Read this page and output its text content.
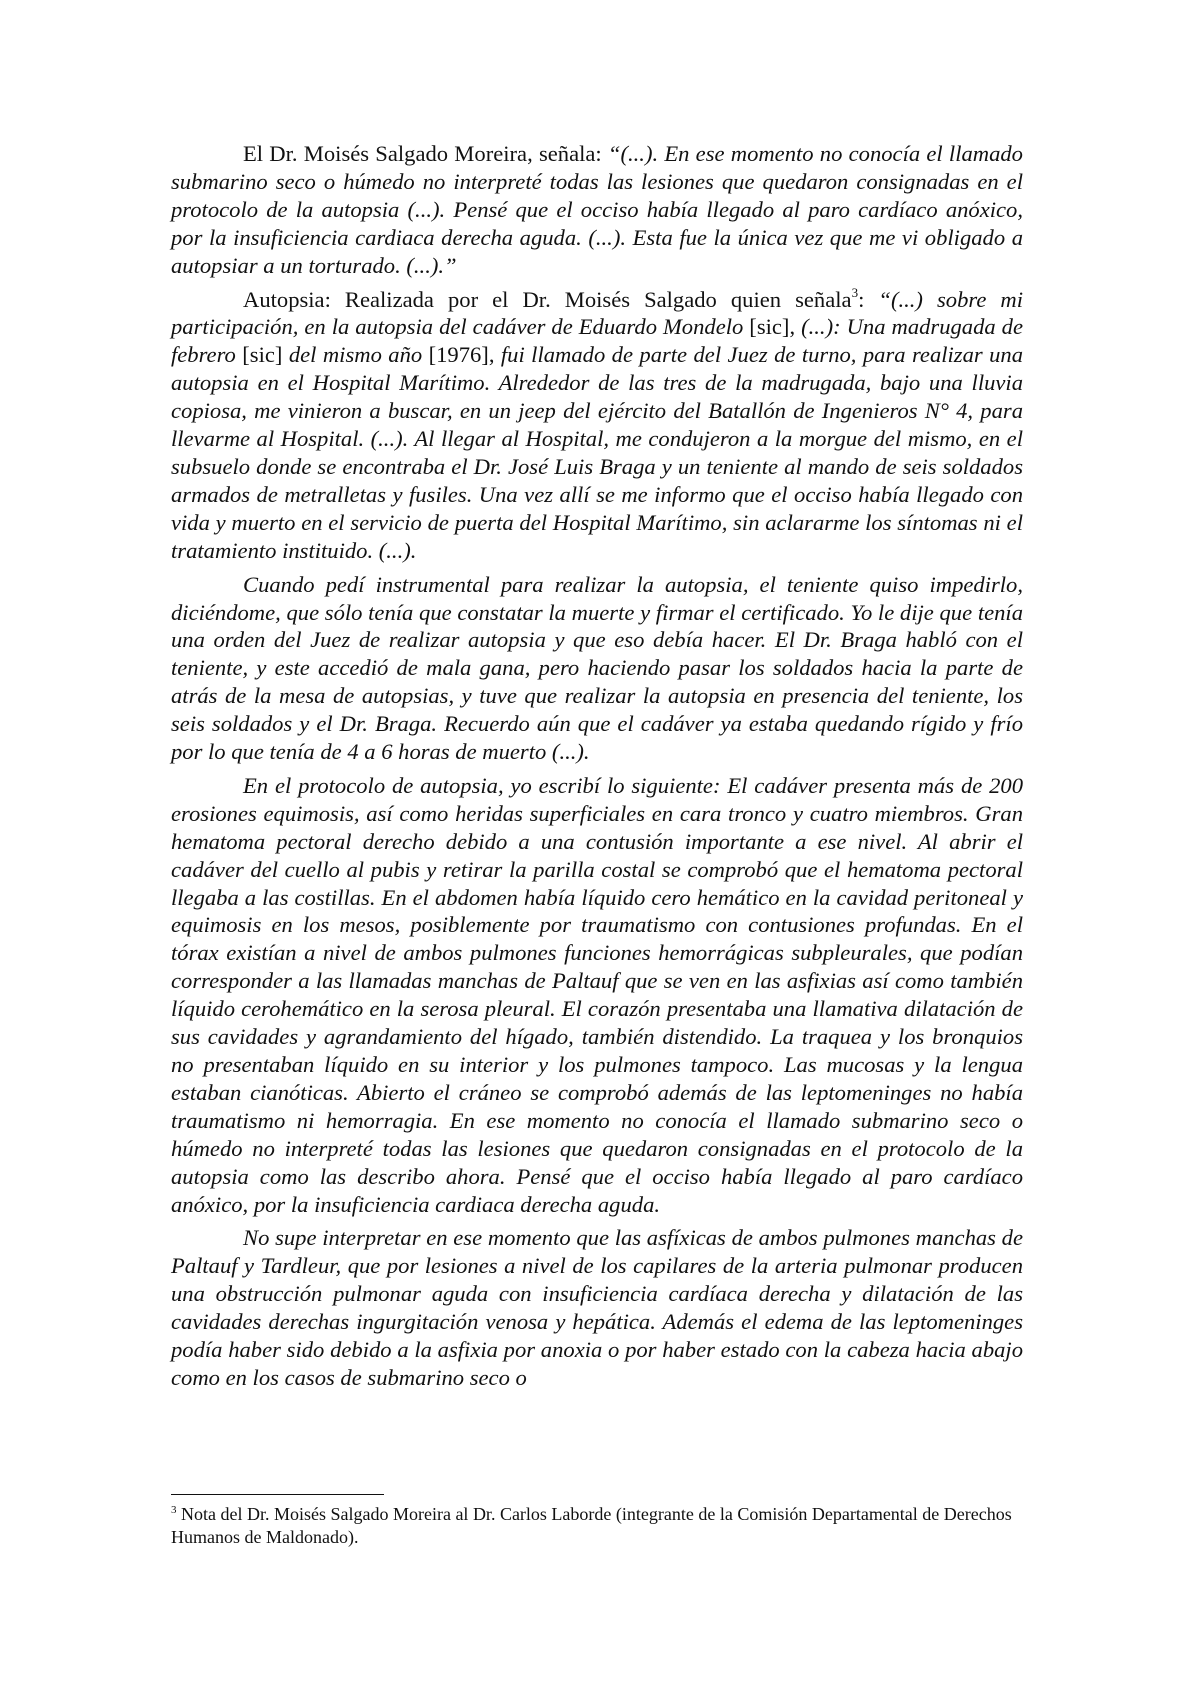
El Dr. Moisés Salgado Moreira, señala: “(...). En ese momento no conocía el llamado submarino seco o húmedo no interpreté todas las lesiones que quedaron consignadas en el protocolo de la autopsia (...). Pensé que el occiso había llegado al paro cardíaco anóxico, por la insuficiencia cardiaca derecha aguda. (...). Esta fue la única vez que me vi obligado a autopsiar a un torturado. (...).”

Autopsia: Realizada por el Dr. Moisés Salgado quien señala$^3$: “(...) sobre mi participación, en la autopsia del cadáver de Eduardo Mondelo [sic], (...): Una madrugada de febrero [sic] del mismo año [1976], fui llamado de parte del Juez de turno, para realizar una autopsia en el Hospital Marítimo. Alrededor de las tres de la madrugada, bajo una lluvia copiosa, me vinieron a buscar, en un jeep del ejército del Batallón de Ingenieros N° 4, para llevarme al Hospital. (...). Al llegar al Hospital, me condujeron a la morgue del mismo, en el subsuelo donde se encontraba el Dr. José Luis Braga y un teniente al mando de seis soldados armados de metralletas y fusiles. Una vez allí se me informo que el occiso había llegado con vida y muerto en el servicio de puerta del Hospital Marítimo, sin aclararme los síntomas ni el tratamiento instituido. (...).

Cuando pedí instrumental para realizar la autopsia, el teniente quiso impedirlo, diciéndome, que sólo tenía que constatar la muerte y firmar el certificado. Yo le dije que tenía una orden del Juez de realizar autopsia y que eso debía hacer. El Dr. Braga habló con el teniente, y este accedió de mala gana, pero haciendo pasar los soldados hacia la parte de atrás de la mesa de autopsias, y tuve que realizar la autopsia en presencia del teniente, los seis soldados y el Dr. Braga. Recuerdo aún que el cadáver ya estaba quedando rígido y frío por lo que tenía de 4 a 6 horas de muerto (...).

En el protocolo de autopsia, yo escribí lo siguiente: El cadáver presenta más de 200 erosiones equimosis, así como heridas superficiales en cara tronco y cuatro miembros. Gran hematoma pectoral derecho debido a una contusión importante a ese nivel. Al abrir el cadáver del cuello al pubis y retirar la parilla costal se comprobó que el hematoma pectoral llegaba a las costillas. En el abdomen había líquido cero hemático en la cavidad peritoneal y equimosis en los mesos, posiblemente por traumatismo con contusiones profundas. En el tórax existían a nivel de ambos pulmones funciones hemorrágicas subpleurales, que podían corresponder a las llamadas manchas de Paltauf que se ven en las asfixias así como también líquido cerohemático en la serosa pleural. El corazón presentaba una llamativa dilatación de sus cavidades y agrandamiento del hígado, también distendido. La traquea y los bronquios no presentaban líquido en su interior y los pulmones tampoco. Las mucosas y la lengua estaban cianóticas. Abierto el cráneo se comprobó además de las leptomeninges no había traumatismo ni hemorragia. En ese momento no conocía el llamado submarino seco o húmedo no interpreté todas las lesiones que quedaron consignadas en el protocolo de la autopsia como las describo ahora. Pensé que el occiso había llegado al paro cardíaco anóxico, por la insuficiencia cardiaca derecha aguda.

No supe interpretar en ese momento que las asfíxicas de ambos pulmones manchas de Paltauf y Tardleur, que por lesiones a nivel de los capilares de la arteria pulmonar producen una obstrucción pulmonar aguda con insuficiencia cardíaca derecha y dilatación de las cavidades derechas ingurgitación venosa y hepática. Además el edema de las leptomeninges podía haber sido debido a la asfixia por anoxia o por haber estado con la cabeza hacia abajo como en los casos de submarino seco o

$^3$ Nota del Dr. Moisés Salgado Moreira al Dr. Carlos Laborde (integrante de la Comisión Departamental de Derechos Humanos de Maldonado).
